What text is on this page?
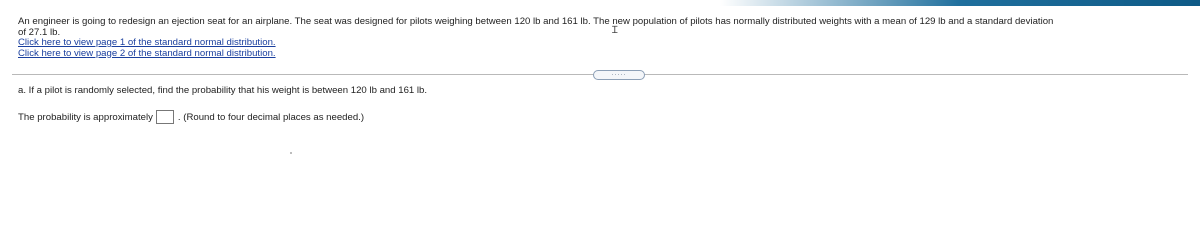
An engineer is going to redesign an ejection seat for an airplane. The seat was designed for pilots weighing between 120 lb and 161 lb. The new population of pilots has normally distributed weights with a mean of 129 lb and a standard deviation
of 27.1 lb.
Click here to view page 1 of the standard normal distribution.
Click here to view page 2 of the standard normal distribution.
Ɪ
.....
a. If a pilot is randomly selected, find the probability that his weight is between 120 lb and 161 lb.
The probability is approximately	. (Round to four decimal places as needed.)
